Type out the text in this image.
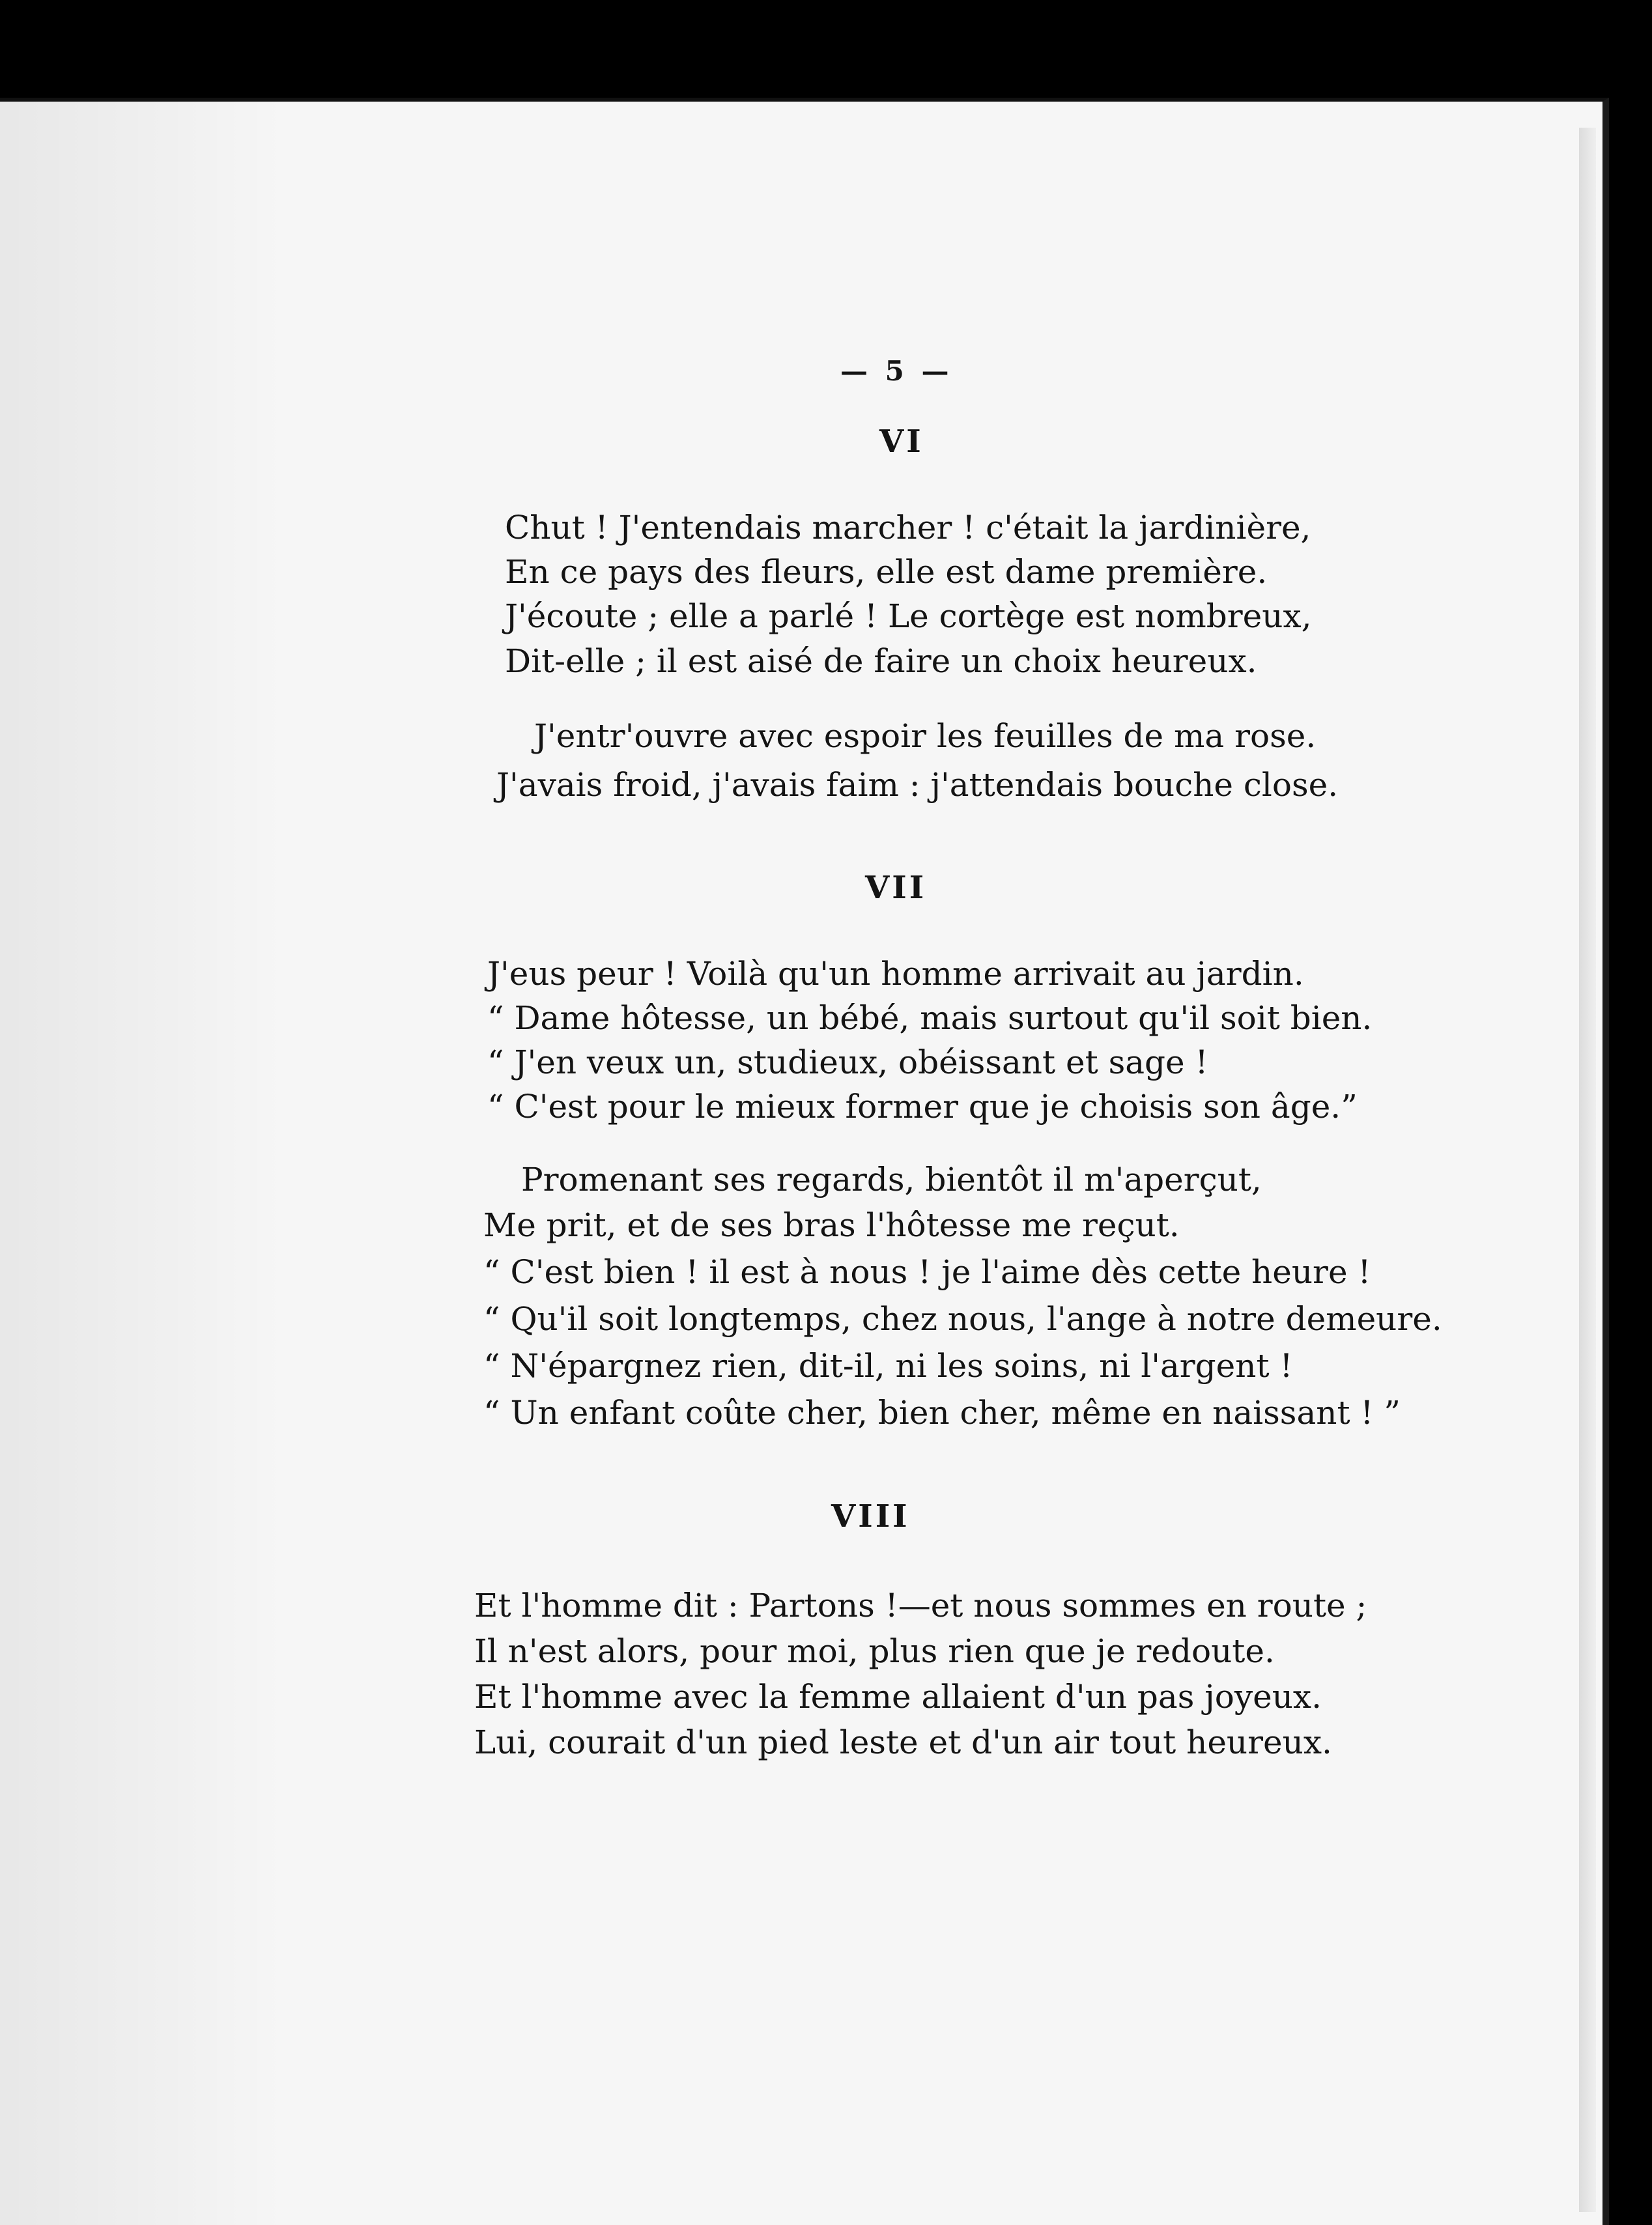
— 5 —
VI
Chut ! J'entendais marcher ! c'était la jardinière,
En ce pays des fleurs, elle est dame première.
J'écoute ; elle a parlé ! Le cortège est nombreux,
Dit-elle ; il est aisé de faire un choix heureux.
J'entr'ouvre avec espoir les feuilles de ma rose.
J'avais froid, j'avais faim : j'attendais bouche close.
VII
J'eus peur ! Voilà qu'un homme arrivait au jardin.
“ Dame hôtesse, un bébé, mais surtout qu'il soit bien.
“ J'en veux un, studieux, obéissant et sage !
“ C'est pour le mieux former que je choisis son âge.”
Promenant ses regards, bientôt il m'aperçut,
Me prit, et de ses bras l'hôtesse me reçut.
“ C'est bien ! il est à nous ! je l'aime dès cette heure !
“ Qu'il soit longtemps, chez nous, l'ange à notre demeure.
“ N'épargnez rien, dit-il, ni les soins, ni l'argent !
“ Un enfant coûte cher, bien cher, même en naissant ! ”
VIII
Et l'homme dit : Partons !—et nous sommes en route ;
Il n'est alors, pour moi, plus rien que je redoute.
Et l'homme avec la femme allaient d'un pas joyeux.
Lui, courait d'un pied leste et d'un air tout heureux.
